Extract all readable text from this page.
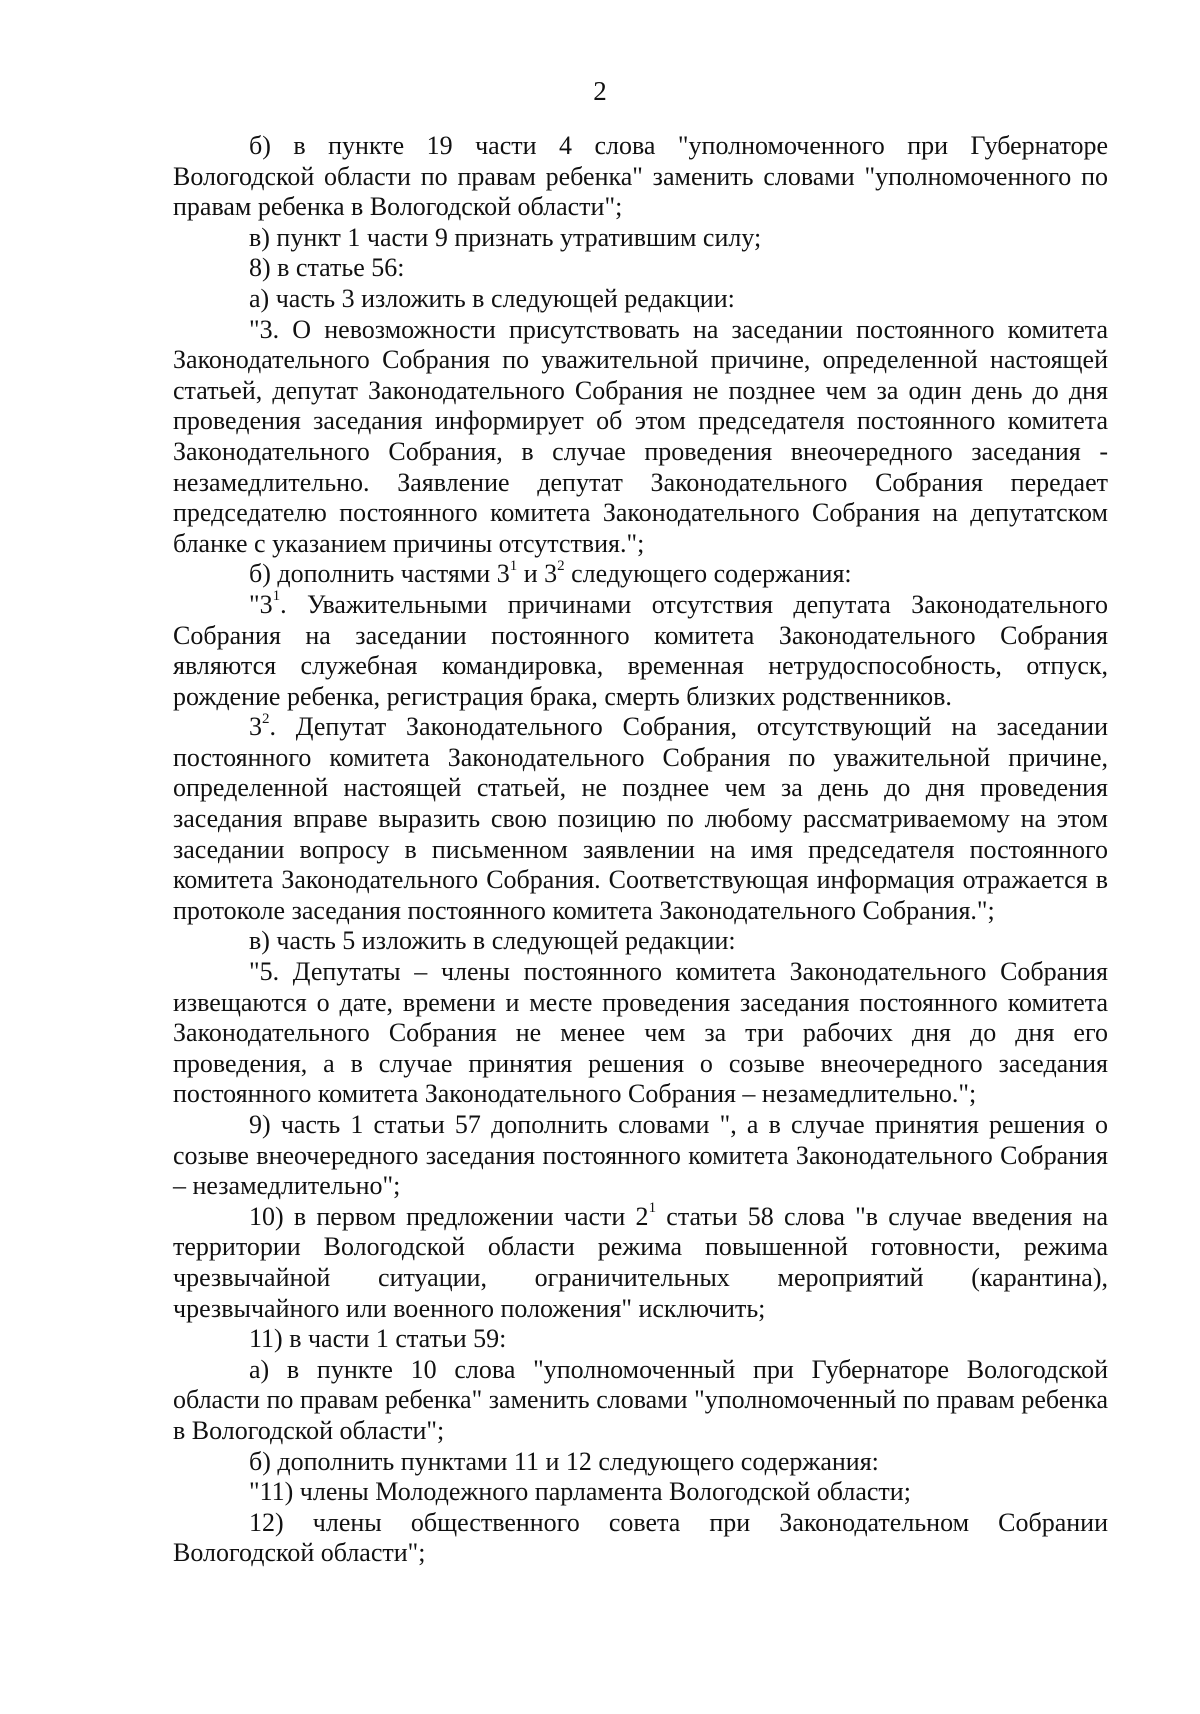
2

б) в пункте 19 части 4 слова "уполномоченного при Губернаторе Вологодской области по правам ребенка" заменить словами "уполномоченного по правам ребенка в Вологодской области";

в) пункт 1 части 9 признать утратившим силу;

8) в статье 56:

а) часть 3 изложить в следующей редакции:

"3. О невозможности присутствовать на заседании постоянного комитета Законодательного Собрания по уважительной причине, определенной настоящей статьей, депутат Законодательного Собрания не позднее чем за один день до дня проведения заседания информирует об этом председателя постоянного комитета Законодательного Собрания, в случае проведения внеочередного заседания - незамедлительно. Заявление депутат Законодательного Собрания передает председателю постоянного комитета Законодательного Собрания на депутатском бланке с указанием причины отсутствия.";

б) дополнить частями $3^1$ и $3^2$ следующего содержания:

"$3^1$. Уважительными причинами отсутствия депутата Законодательного Собрания на заседании постоянного комитета Законодательного Собрания являются служебная командировка, временная нетрудоспособность, отпуск, рождение ребенка, регистрация брака, смерть близких родственников.

$3^2$. Депутат Законодательного Собрания, отсутствующий на заседании постоянного комитета Законодательного Собрания по уважительной причине, определенной настоящей статьей, не позднее чем за день до дня проведения заседания вправе выразить свою позицию по любому рассматриваемому на этом заседании вопросу в письменном заявлении на имя председателя постоянного комитета Законодательного Собрания. Соответствующая информация отражается в протоколе заседания постоянного комитета Законодательного Собрания.";

в) часть 5 изложить в следующей редакции:

"5. Депутаты – члены постоянного комитета Законодательного Собрания извещаются о дате, времени и месте проведения заседания постоянного комитета Законодательного Собрания не менее чем за три рабочих дня до дня его проведения, а в случае принятия решения о созыве внеочередного заседания постоянного комитета Законодательного Собрания – незамедлительно.";

9) часть 1 статьи 57 дополнить словами ", а в случае принятия решения о созыве внеочередного заседания постоянного комитета Законодательного Собрания – незамедлительно";

10) в первом предложении части $2^1$ статьи 58 слова "в случае введения на территории Вологодской области режима повышенной готовности, режима чрезвычайной ситуации, ограничительных мероприятий (карантина), чрезвычайного или военного положения" исключить;

11) в части 1 статьи 59:

а) в пункте 10 слова "уполномоченный при Губернаторе Вологодской области по правам ребенка" заменить словами "уполномоченный по правам ребенка в Вологодской области";

б) дополнить пунктами 11 и 12 следующего содержания:

"11) члены Молодежного парламента Вологодской области;

12) члены общественного совета при Законодательном Собрании Вологодской области";
